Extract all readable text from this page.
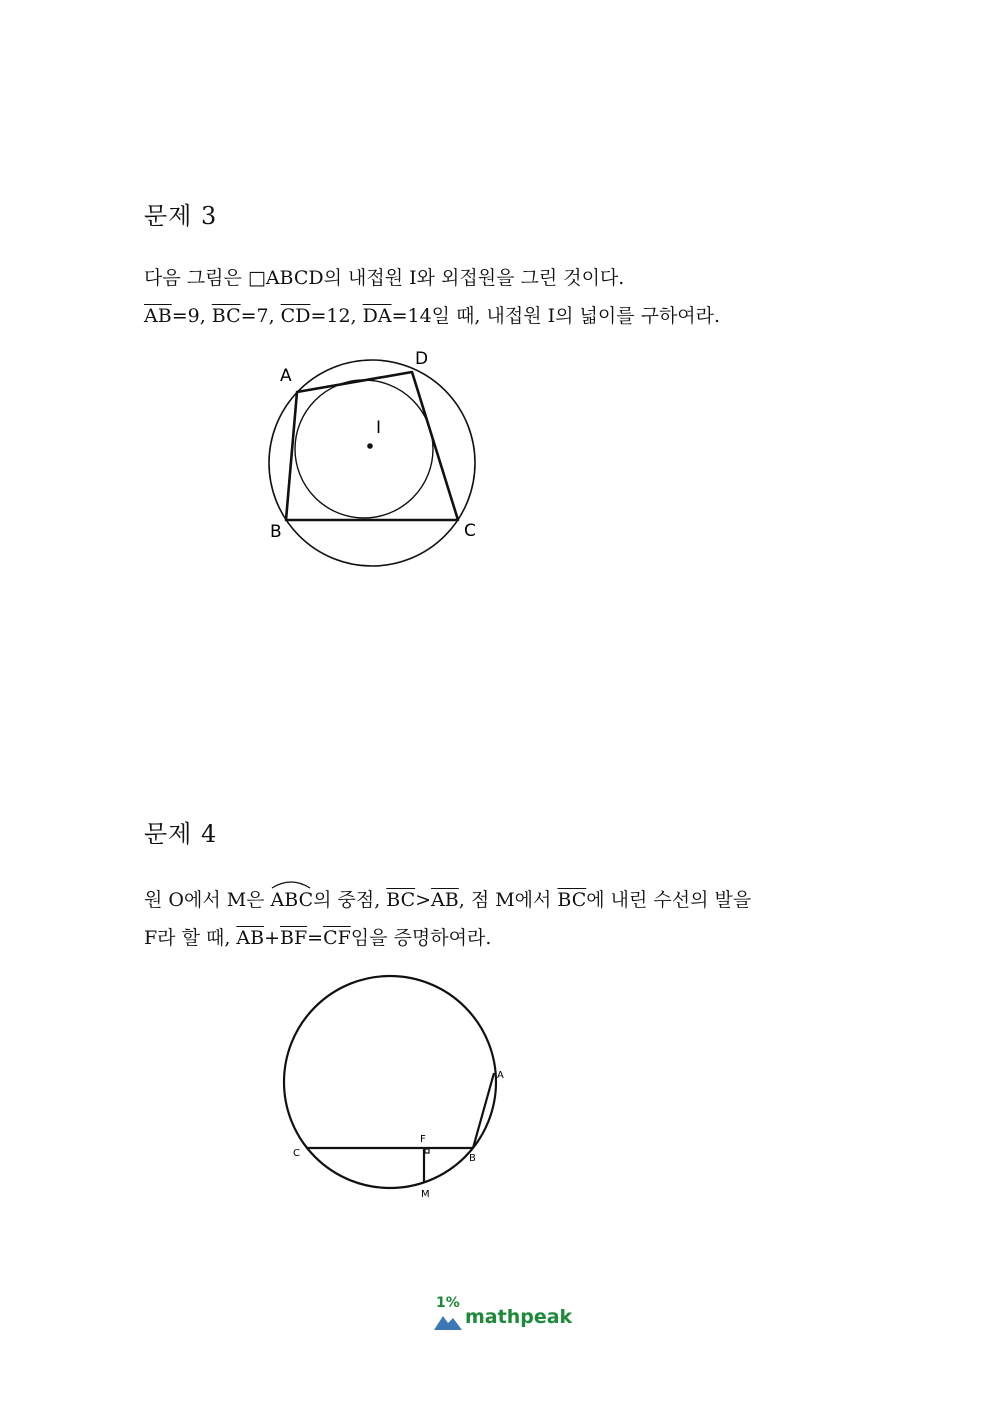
문제 3
다음 그림은 □ABCD의 내접원 I와 외접원을 그린 것이다.
$\overline{AB}=9$, $\overline{BC}=7$, $\overline{CD}=12$, $\overline{DA}=14$일 때, 내접원 I의 넓이를 구하여라.
A
D
I
B	C
문제 4
원 O에서 M은 ABC의 중점, $\overline{BC}>\overline{AB}$, 점 M에서 $\overline{BC}$에 내린 수선의 발을
F라 할 때, $\overline{AB}+\overline{BF}=\overline{CF}$임을 증명하여라.
A
B
C
F
M
1%
mathpeak
